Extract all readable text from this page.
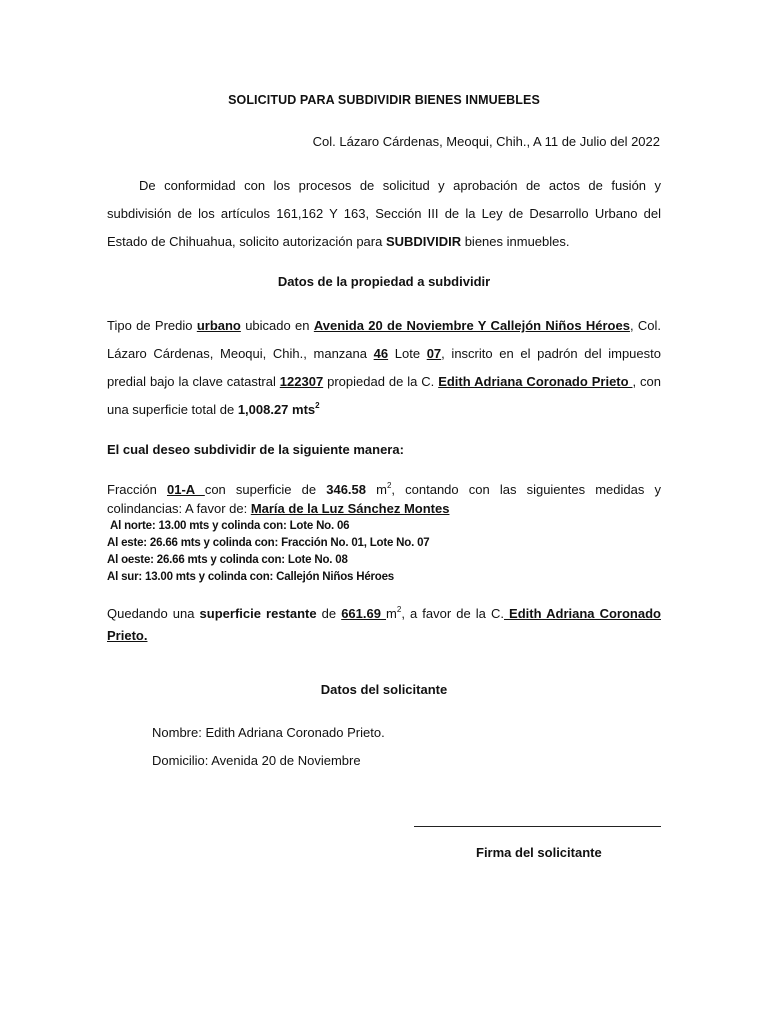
SOLICITUD PARA SUBDIVIDIR BIENES INMUEBLES
Col. Lázaro Cárdenas, Meoqui, Chih., A 11 de Julio del 2022
De conformidad con los procesos de solicitud y aprobación de actos de fusión y subdivisión de los artículos 161,162 Y 163, Sección III de la Ley de Desarrollo Urbano del Estado de Chihuahua, solicito autorización para SUBDIVIDIR bienes inmuebles.
Datos de la propiedad a subdividir
Tipo de Predio urbano ubicado en Avenida 20 de Noviembre Y Callejón Niños Héroes, Col. Lázaro Cárdenas, Meoqui, Chih., manzana 46 Lote 07, inscrito en el padrón del impuesto predial bajo la clave catastral 122307 propiedad de la C. Edith Adriana Coronado Prieto , con una superficie total de 1,008.27 mts$^2$
El cual deseo subdividir de la siguiente manera:
Fracción 01-A con superficie de 346.58 $m^2$, contando con las siguientes medidas y colindancias: A favor de: María de la Luz Sánchez Montes
Al norte: 13.00 mts y colinda con: Lote No. 06
Al este: 26.66 mts y colinda con: Fracción No. 01, Lote No. 07
Al oeste: 26.66 mts y colinda con: Lote No. 08
Al sur: 13.00 mts y colinda con: Callejón Niños Héroes
Quedando una superficie restante de 661.69 $m^2$, a favor de la C. Edith Adriana Coronado Prieto.
Datos del solicitante
Nombre: Edith Adriana Coronado Prieto.
Domicilio: Avenida 20 de Noviembre
Firma del solicitante
